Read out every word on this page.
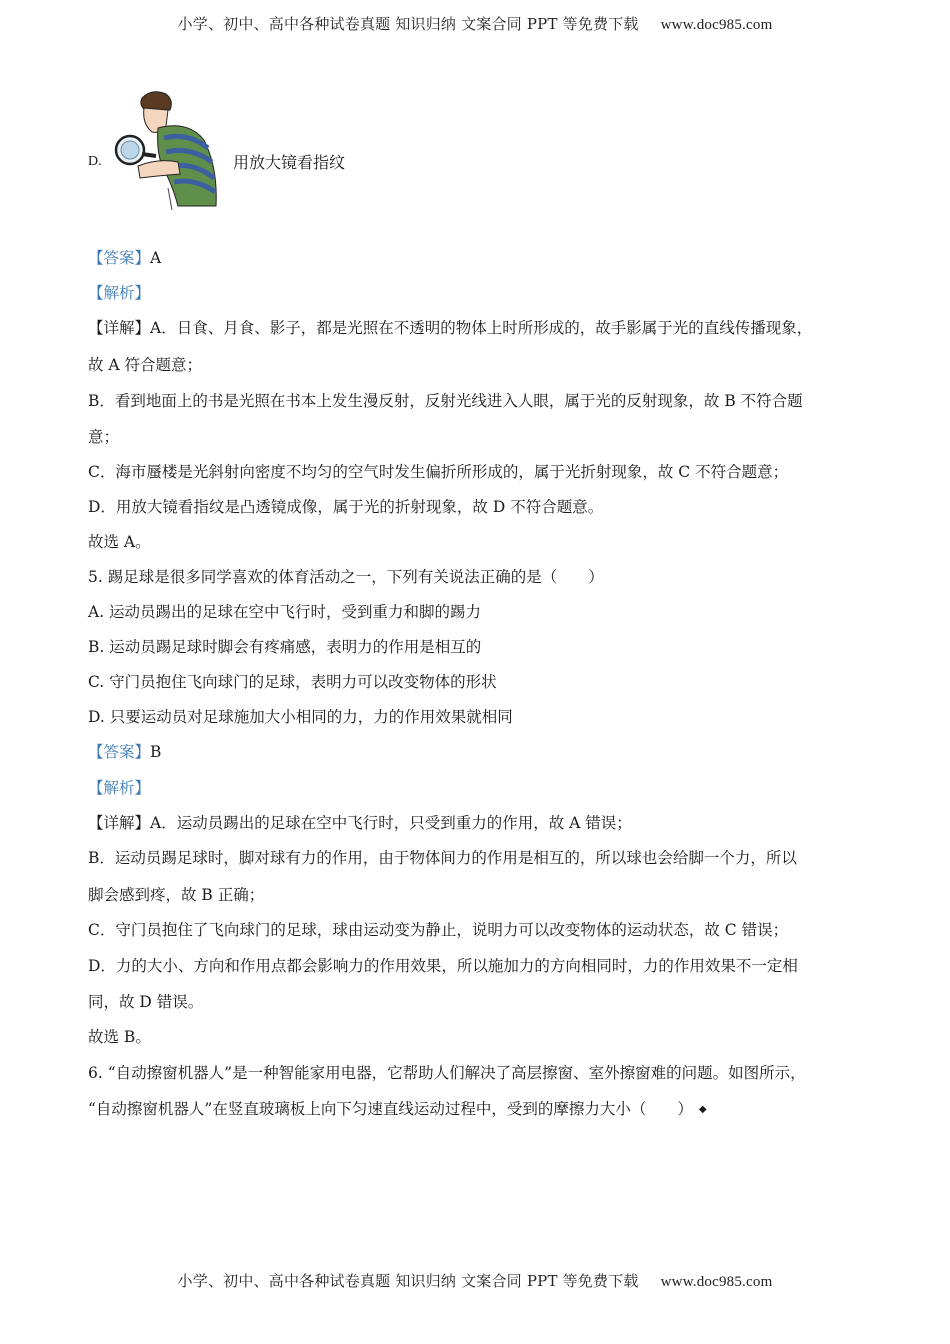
小学、初中、高中各种试卷真题 知识归纳 文案合同 PPT 等免费下载 www.doc985.com
D.	用放大镜看指纹
【答案】A
【解析】
【详解】A．日食、月食、影子，都是光照在不透明的物体上时所形成的，故手影属于光的直线传播现象，
故 A 符合题意；
B．看到地面上的书是光照在书本上发生漫反射，反射光线进入人眼，属于光的反射现象，故 B 不符合题
意；
C．海市蜃楼是光斜射向密度不均匀的空气时发生偏折所形成的，属于光折射现象，故 C 不符合题意；
D．用放大镜看指纹是凸透镜成像，属于光的折射现象，故 D 不符合题意。
故选 A。
5. 踢足球是很多同学喜欢的体育活动之一，下列有关说法正确的是（　　）
A. 运动员踢出的足球在空中飞行时，受到重力和脚的踢力
B. 运动员踢足球时脚会有疼痛感，表明力的作用是相互的
C. 守门员抱住飞向球门的足球，表明力可以改变物体的形状
D. 只要运动员对足球施加大小相同的力，力的作用效果就相同
【答案】B
【解析】
【详解】A．运动员踢出的足球在空中飞行时，只受到重力的作用，故 A 错误；
B．运动员踢足球时，脚对球有力的作用，由于物体间力的作用是相互的，所以球也会给脚一个力，所以
脚会感到疼，故 B 正确；
C．守门员抱住了飞向球门的足球，球由运动变为静止，说明力可以改变物体的运动状态，故 C 错误；
D．力的大小、方向和作用点都会影响力的作用效果，所以施加力的方向相同时，力的作用效果不一定相
同，故 D 错误。
故选 B。
6. “自动擦窗机器人”是一种智能家用电器，它帮助人们解决了高层擦窗、室外擦窗难的问题。如图所示，
“自动擦窗机器人”在竖直玻璃板上向下匀速直线运动过程中，受到的摩擦力大小（　　） ◆
小学、初中、高中各种试卷真题 知识归纳 文案合同 PPT 等免费下载 www.doc985.com
